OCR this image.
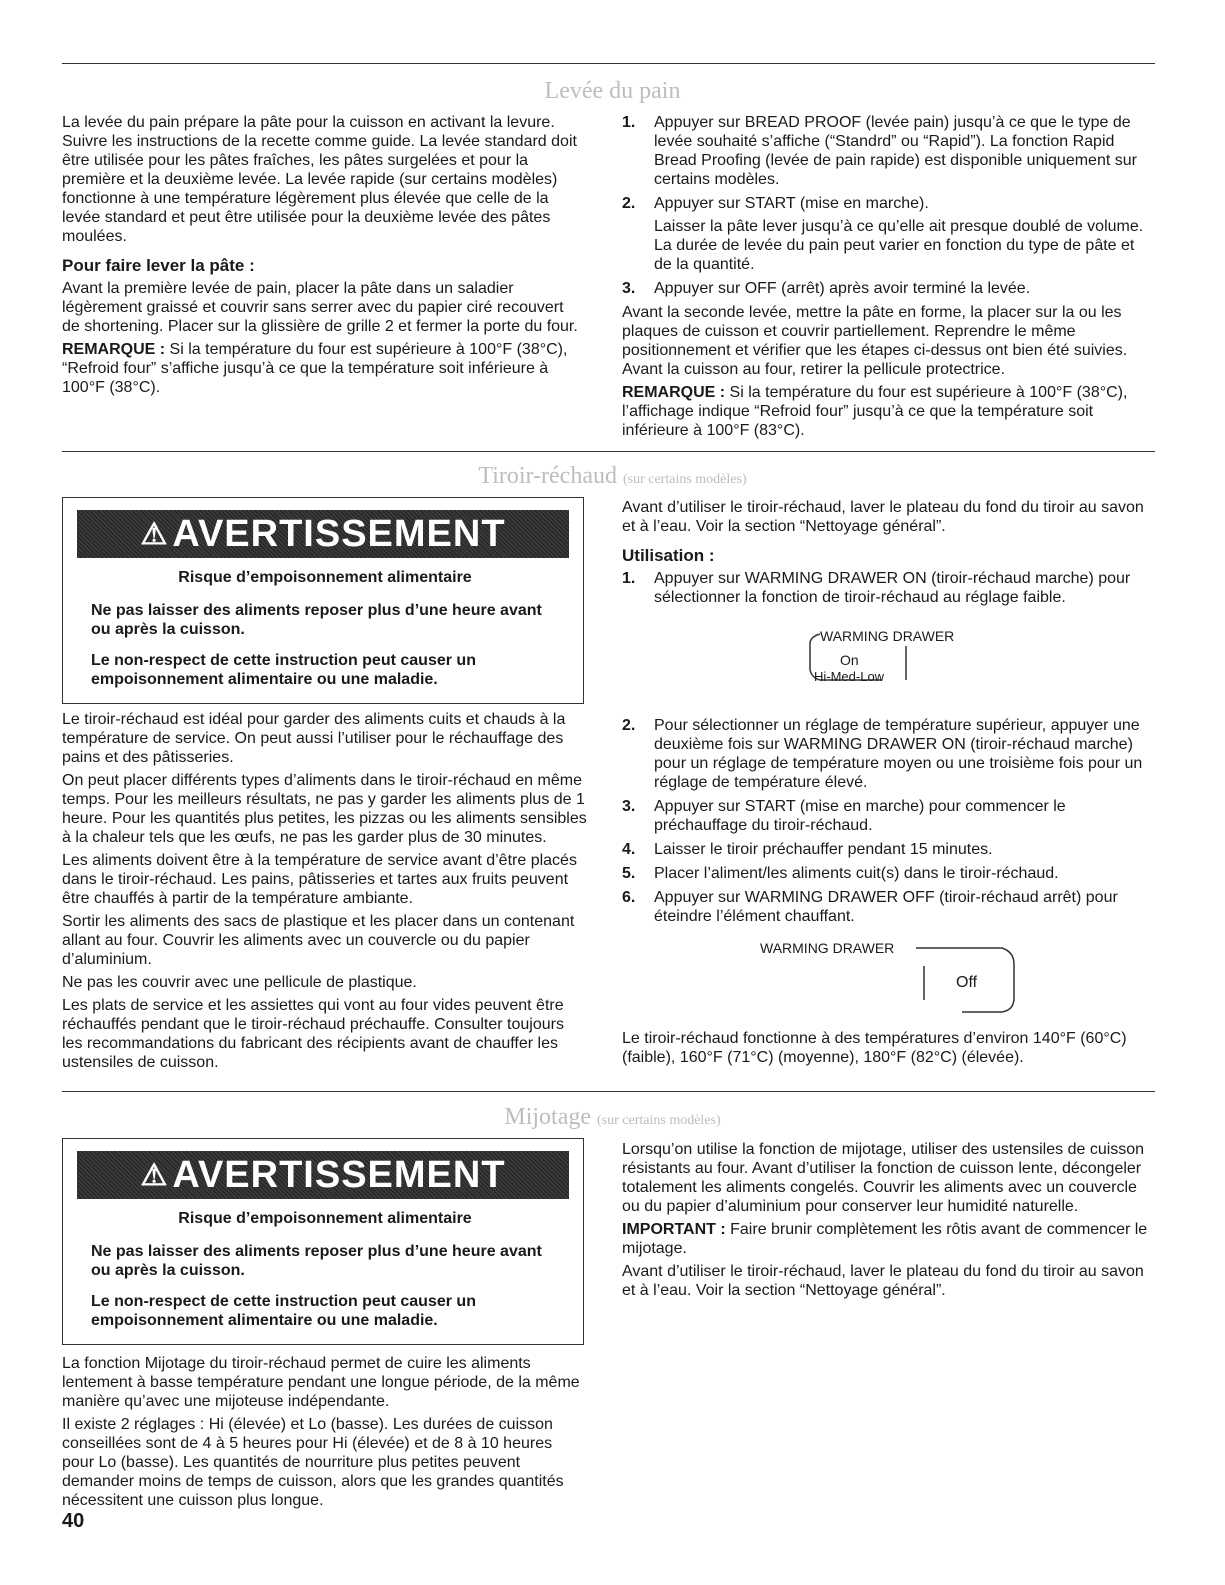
Levée du pain

La levée du pain prépare la pâte pour la cuisson en activant la levure. Suivre les instructions de la recette comme guide. La levée standard doit être utilisée pour les pâtes fraîches, les pâtes surgelées et pour la première et la deuxième levée. La levée rapide (sur certains modèles) fonctionne à une température légèrement plus élevée que celle de la levée standard et peut être utilisée pour la deuxième levée des pâtes moulées.

Pour faire lever la pâte :

Avant la première levée de pain, placer la pâte dans un saladier légèrement graissé et couvrir sans serrer avec du papier ciré recouvert de shortening. Placer sur la glissière de grille 2 et fermer la porte du four.

REMARQUE : Si la température du four est supérieure à 100°F (38°C), “Refroid four” s’affiche jusqu’à ce que la température soit inférieure à 100°F (38°C).

1. Appuyer sur BREAD PROOF (levée pain) jusqu’à ce que le type de levée souhaité s’affiche (“Standrd” ou “Rapid”). La fonction Rapid Bread Proofing (levée de pain rapide) est disponible uniquement sur certains modèles.
2. Appuyer sur START (mise en marche).
Laisser la pâte lever jusqu’à ce qu’elle ait presque doublé de volume. La durée de levée du pain peut varier en fonction du type de pâte et de la quantité.
3. Appuyer sur OFF (arrêt) après avoir terminé la levée.

Avant la seconde levée, mettre la pâte en forme, la placer sur la ou les plaques de cuisson et couvrir partiellement. Reprendre le même positionnement et vérifier que les étapes ci-dessus ont bien été suivies. Avant la cuisson au four, retirer la pellicule protectrice.

REMARQUE : Si la température du four est supérieure à 100°F (38°C), l’affichage indique “Refroid four” jusqu’à ce que la température soit inférieure à 100°F (83°C).

Tiroir-réchaud (sur certains modèles)
⚠ AVERTISSEMENT
Risque d’empoisonnement alimentaire

Ne pas laisser des aliments reposer plus d’une heure avant ou après la cuisson.

Le non-respect de cette instruction peut causer un empoisonnement alimentaire ou une maladie.

Le tiroir-réchaud est idéal pour garder des aliments cuits et chauds à la température de service. On peut aussi l’utiliser pour le réchauffage des pains et des pâtisseries.

On peut placer différents types d’aliments dans le tiroir-réchaud en même temps. Pour les meilleurs résultats, ne pas y garder les aliments plus de 1 heure. Pour les quantités plus petites, les pizzas ou les aliments sensibles à la chaleur tels que les œufs, ne pas les garder plus de 30 minutes.

Les aliments doivent être à la température de service avant d’être placés dans le tiroir-réchaud. Les pains, pâtisseries et tartes aux fruits peuvent être chauffés à partir de la température ambiante.

Sortir les aliments des sacs de plastique et les placer dans un contenant allant au four. Couvrir les aliments avec un couvercle ou du papier d’aluminium.

Ne pas les couvrir avec une pellicule de plastique.

Les plats de service et les assiettes qui vont au four vides peuvent être réchauffés pendant que le tiroir-réchaud préchauffe. Consulter toujours les recommandations du fabricant des récipients avant de chauffer les ustensiles de cuisson.

Avant d’utiliser le tiroir-réchaud, laver le plateau du fond du tiroir au savon et à l’eau. Voir la section “Nettoyage général”.

Utilisation :

1. Appuyer sur WARMING DRAWER ON (tiroir-réchaud marche) pour sélectionner la fonction de tiroir-réchaud au réglage faible.
WARMING DRAWER
On
Hi-Med-Low
2. Pour sélectionner un réglage de température supérieur, appuyer une deuxième fois sur WARMING DRAWER ON (tiroir-réchaud marche) pour un réglage de température moyen ou une troisième fois pour un réglage de température élevé.
3. Appuyer sur START (mise en marche) pour commencer le préchauffage du tiroir-réchaud.
4. Laisser le tiroir préchauffer pendant 15 minutes.
5. Placer l’aliment/les aliments cuit(s) dans le tiroir-réchaud.
6. Appuyer sur WARMING DRAWER OFF (tiroir-réchaud arrêt) pour éteindre l’élément chauffant.
WARMING DRAWER
Off

Le tiroir-réchaud fonctionne à des températures d’environ 140°F (60°C) (faible), 160°F (71°C) (moyenne), 180°F (82°C) (élevée).

Mijotage (sur certains modèles)
⚠ AVERTISSEMENT
Risque d’empoisonnement alimentaire

Ne pas laisser des aliments reposer plus d’une heure avant ou après la cuisson.

Le non-respect de cette instruction peut causer un empoisonnement alimentaire ou une maladie.

La fonction Mijotage du tiroir-réchaud permet de cuire les aliments lentement à basse température pendant une longue période, de la même manière qu’avec une mijoteuse indépendante.

Il existe 2 réglages : Hi (élevée) et Lo (basse). Les durées de cuisson conseillées sont de 4 à 5 heures pour Hi (élevée) et de 8 à 10 heures pour Lo (basse). Les quantités de nourriture plus petites peuvent demander moins de temps de cuisson, alors que les grandes quantités nécessitent une cuisson plus longue.

Lorsqu’on utilise la fonction de mijotage, utiliser des ustensiles de cuisson résistants au four. Avant d’utiliser la fonction de cuisson lente, décongeler totalement les aliments congelés. Couvrir les aliments avec un couvercle ou du papier d’aluminium pour conserver leur humidité naturelle.

IMPORTANT : Faire brunir complètement les rôtis avant de commencer le mijotage.

Avant d’utiliser le tiroir-réchaud, laver le plateau du fond du tiroir au savon et à l’eau. Voir la section “Nettoyage général”.

40
